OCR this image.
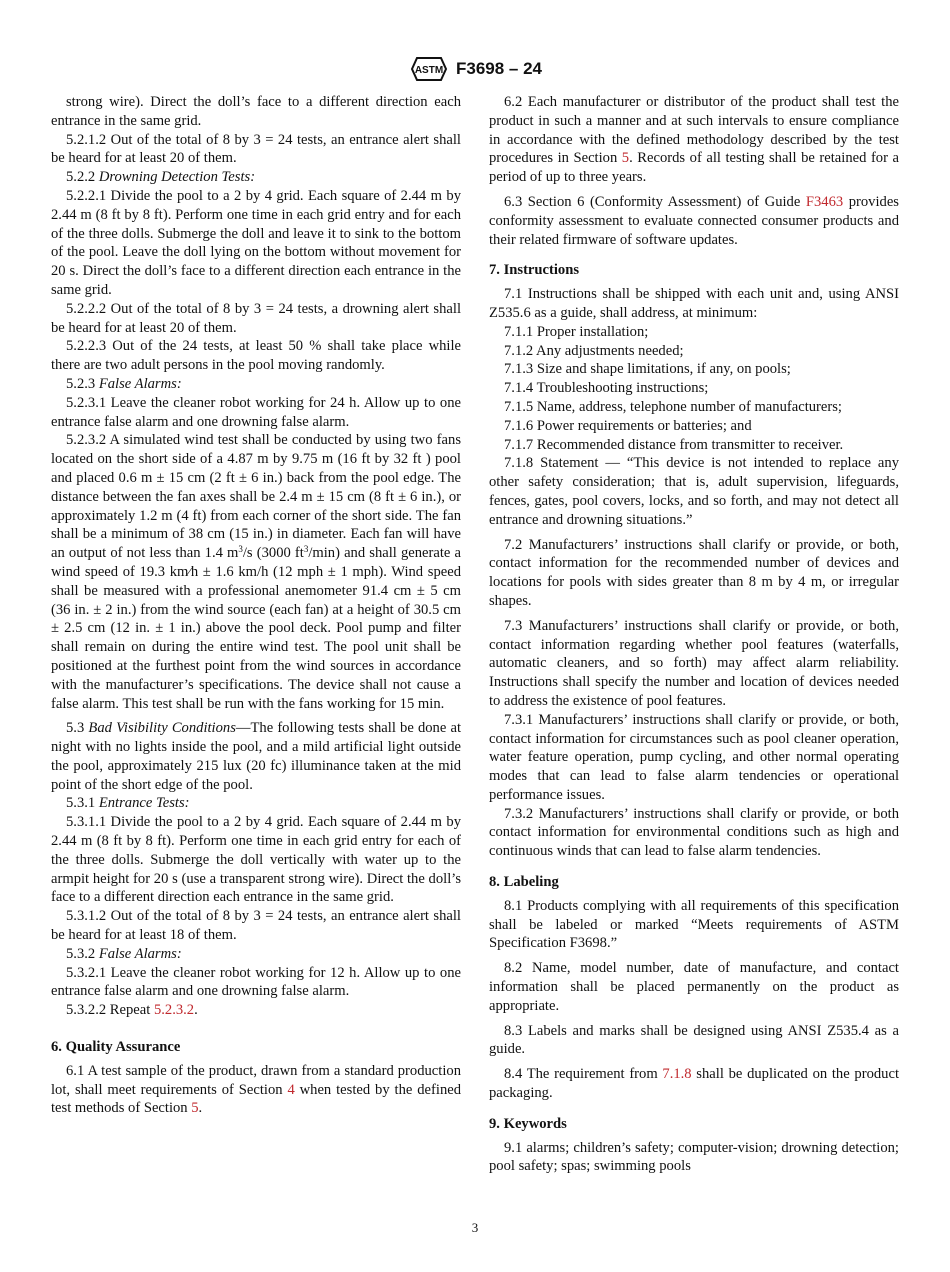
ASTM F3698 – 24

strong wire). Direct the doll’s face to a different direction each entrance in the same grid.

5.2.1.2 Out of the total of 8 by 3 = 24 tests, an entrance alert shall be heard for at least 20 of them.

5.2.2 Drowning Detection Tests:

5.2.2.1 Divide the pool to a 2 by 4 grid. Each square of 2.44 m by 2.44 m (8 ft by 8 ft). Perform one time in each grid entry and for each of the three dolls. Submerge the doll and leave it to sink to the bottom of the pool. Leave the doll lying on the bottom without movement for 20 s. Direct the doll’s face to a different direction each entrance in the same grid.

5.2.2.2 Out of the total of 8 by 3 = 24 tests, a drowning alert shall be heard for at least 20 of them.

5.2.2.3 Out of the 24 tests, at least 50 % shall take place while there are two adult persons in the pool moving randomly.

5.2.3 False Alarms:

5.2.3.1 Leave the cleaner robot working for 24 h. Allow up to one entrance false alarm and one drowning false alarm.

5.2.3.2 A simulated wind test shall be conducted by using two fans located on the short side of a 4.87 m by 9.75 m (16 ft by 32 ft ) pool and placed 0.6 m ± 15 cm (2 ft ± 6 in.) back from the pool edge. The distance between the fan axes shall be 2.4 m ± 15 cm (8 ft ± 6 in.), or approximately 1.2 m (4 ft) from each corner of the short side. The fan shall be a minimum of 38 cm (15 in.) in diameter. Each fan will have an output of not less than 1.4 $m^3/s$ (3000 $ft^3/\min$) and shall generate a wind speed of 19.3 km⁄h ± 1.6 km/h (12 mph ± 1 mph). Wind speed shall be measured with a professional anemometer 91.4 cm ± 5 cm (36 in. ± 2 in.) from the wind source (each fan) at a height of 30.5 cm ± 2.5 cm (12 in. ± 1 in.) above the pool deck. Pool pump and filter shall remain on during the entire wind test. The pool unit shall be positioned at the furthest point from the wind sources in accordance with the manufacturer’s specifications. The device shall not cause a false alarm. This test shall be run with the fans working for 15 min.

5.3 Bad Visibility Conditions—The following tests shall be done at night with no lights inside the pool, and a mild artificial light outside the pool, approximately 215 lux (20 fc) illuminance taken at the mid point of the short edge of the pool.

5.3.1 Entrance Tests:

5.3.1.1 Divide the pool to a 2 by 4 grid. Each square of 2.44 m by 2.44 m (8 ft by 8 ft). Perform one time in each grid entry for each of the three dolls. Submerge the doll vertically with water up to the armpit height for 20 s (use a transparent strong wire). Direct the doll’s face to a different direction each entrance in the same grid.

5.3.1.2 Out of the total of 8 by 3 = 24 tests, an entrance alert shall be heard for at least 18 of them.

5.3.2 False Alarms:

5.3.2.1 Leave the cleaner robot working for 12 h. Allow up to one entrance false alarm and one drowning false alarm.

5.3.2.2 Repeat 5.2.3.2.

6. Quality Assurance

6.1 A test sample of the product, drawn from a standard production lot, shall meet requirements of Section 4 when tested by the defined test methods of Section 5.

6.2 Each manufacturer or distributor of the product shall test the product in such a manner and at such intervals to ensure compliance in accordance with the defined methodology described by the test procedures in Section 5. Records of all testing shall be retained for a period of up to three years.

6.3 Section 6 (Conformity Assessment) of Guide F3463 provides conformity assessment to evaluate connected consumer products and their related firmware of software updates.

7. Instructions

7.1 Instructions shall be shipped with each unit and, using ANSI Z535.6 as a guide, shall address, at minimum:

7.1.1 Proper installation;

7.1.2 Any adjustments needed;

7.1.3 Size and shape limitations, if any, on pools;

7.1.4 Troubleshooting instructions;

7.1.5 Name, address, telephone number of manufacturers;

7.1.6 Power requirements or batteries; and

7.1.7 Recommended distance from transmitter to receiver.

7.1.8 Statement — “This device is not intended to replace any other safety consideration; that is, adult supervision, lifeguards, fences, gates, pool covers, locks, and so forth, and may not detect all entrance and drowning situations.”

7.2 Manufacturers’ instructions shall clarify or provide, or both, contact information for the recommended number of devices and locations for pools with sides greater than 8 m by 4 m, or irregular shapes.

7.3 Manufacturers’ instructions shall clarify or provide, or both, contact information regarding whether pool features (waterfalls, automatic cleaners, and so forth) may affect alarm reliability. Instructions shall specify the number and location of devices needed to address the existence of pool features.

7.3.1 Manufacturers’ instructions shall clarify or provide, or both, contact information for circumstances such as pool cleaner operation, water feature operation, pump cycling, and other normal operating modes that can lead to false alarm tendencies or operational performance issues.

7.3.2 Manufacturers’ instructions shall clarify or provide, or both contact information for environmental conditions such as high and continuous winds that can lead to false alarm tendencies.

8. Labeling

8.1 Products complying with all requirements of this specification shall be labeled or marked “Meets requirements of ASTM Specification F3698.”

8.2 Name, model number, date of manufacture, and contact information shall be placed permanently on the product as appropriate.

8.3 Labels and marks shall be designed using ANSI Z535.4 as a guide.

8.4 The requirement from 7.1.8 shall be duplicated on the product packaging.

9. Keywords

9.1 alarms; children’s safety; computer-vision; drowning detection; pool safety; spas; swimming pools

3
